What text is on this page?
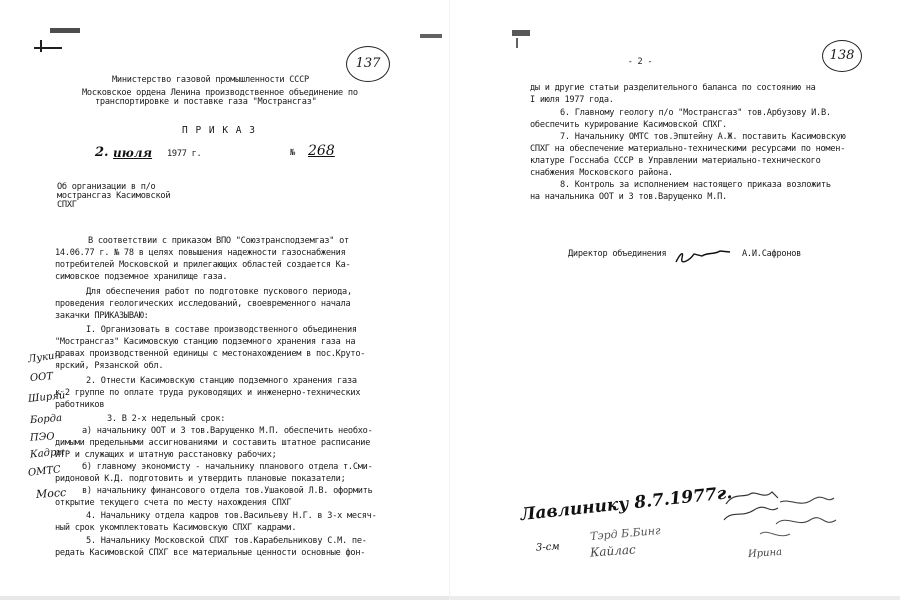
137
Министерство газовой промышленности СССР
Московское ордена Ленина производственное объединение по
транспортировке и поставке газа "Мострансгаз"
П Р И К А З
2. июля 1977 г.	№ 268
Об организации в п/о
мострансгаз Касимовской
СПХГ
В соответствии с приказом ВПО "Союзтрансподземгаз" от
14.06.77 г. № 78 в целях повышения надежности газоснабжения
потребителей Московской и прилегающих областей создается Ка-
симовское подземное хранилище газа.
Для обеспечения работ по подготовке пускового периода,
проведения геологических исследований, своевременного начала
закачки ПРИКАЗЫВАЮ:
I. Организовать в составе производственного объединения
"Мострансгаз" Касимовскую станцию подземного хранения газа на
правах производственной единицы с местонахождением в пос.Круто-
ярский, Рязанской обл.
2. Отнести Касимовскую станцию подземного хранения газа
к 2 группе по оплате труда руководящих и инженерно-технических
работников
3. В 2-х недельный срок:
а) начальнику ООТ и З тов.Варущенко М.П. обеспечить необхо-
димыми предельными ассигнованиями и составить штатное расписание
ИТР и служащих и штатную расстановку рабочих;
б) главному экономисту - начальнику планового отдела т.Сми-
ридоновой К.Д. подготовить и утвердить плановые показатели;
в) начальнику финансового отдела тов.Ушаковой Л.В. оформить
открытие текущего счета по месту нахождения СПХГ
4. Начальнику отдела кадров тов.Васильеву Н.Г. в 3-х месяч-
ный срок укомплектовать Касимовскую СПХГ кадрами.
5. Начальнику Московской СПХГ тов.Карабельникову С.М. пе-
редать Касимовской СПХГ все материальные ценности основные фон-
Лукин
ООТ
Ширяй
Борда
ПЭО
Кадры
ОМТС
Мосс
- 2 -	138
ды и другие статьи разделительного баланса по состоянию на
I июля 1977 года.
6. Главному геологу п/о "Мострансгаз" тов.Арбузову И.В.
обеспечить курирование Касимовской СПХГ.
7. Начальнику ОМТС тов.Эпштейну А.Ж. поставить Касимовскую
СПХГ на обеспечение материально-техническими ресурсами по номен-
клатуре Госснаба СССР в Управлении материально-технического
снабжения Московского района.
8. Контроль за исполнением настоящего приказа возложить
на начальника ООТ и З тов.Варущенко М.П.
Директор объединения	А.И.Сафронов
Лавлинику 8.7.1977г.
Тэрд Б.Бинг
Кайлас
3-см	Ирина
